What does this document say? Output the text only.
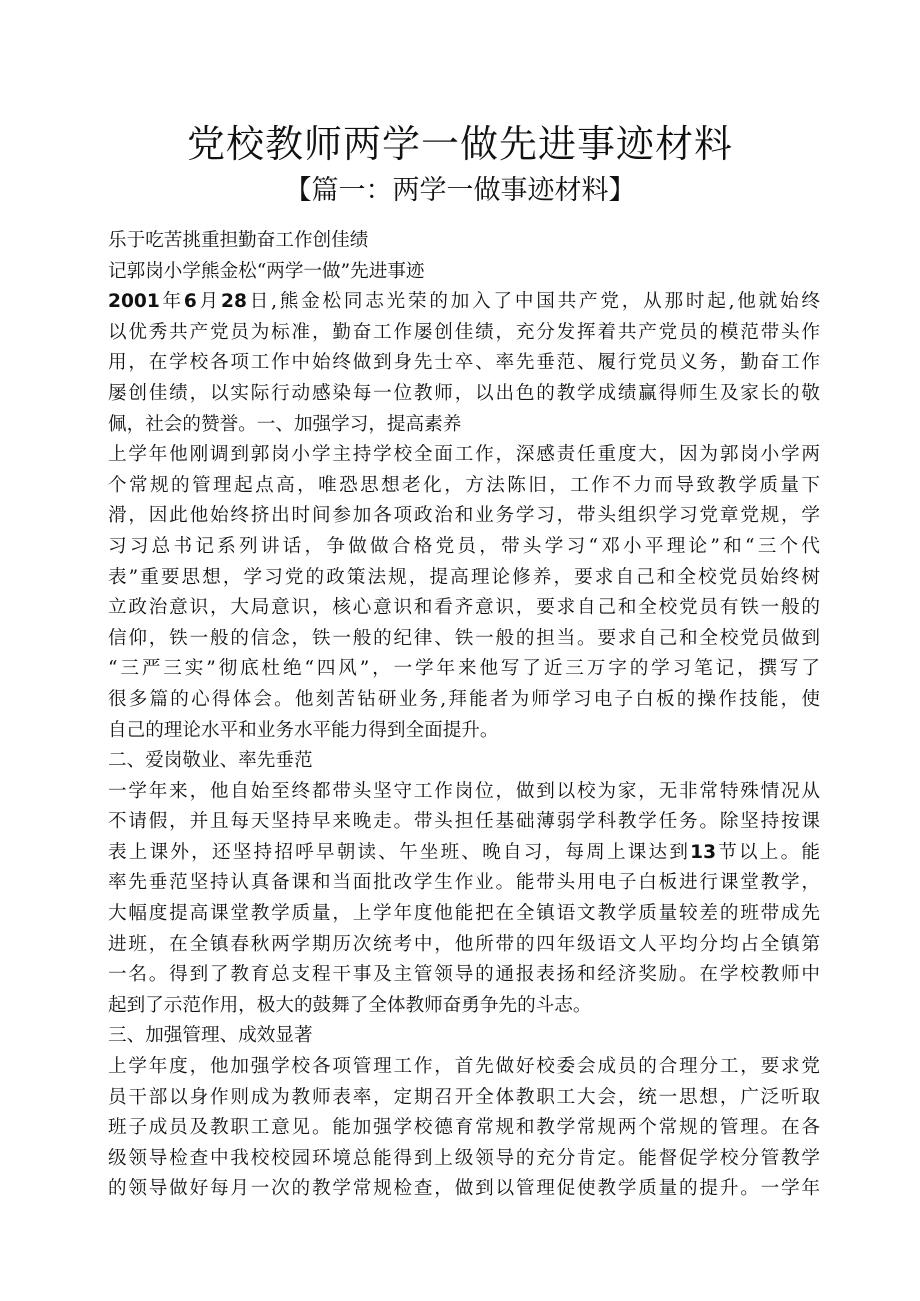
党校教师两学一做先进事迹材料
【篇一：两学一做事迹材料】
乐于吃苦挑重担勤奋工作创佳绩
记郭岗小学熊金松“两学一做”先进事迹
2001年6月28日,熊金松同志光荣的加入了中国共产党，从那时起,他就始终
以优秀共产党员为标准，勤奋工作屡创佳绩，充分发挥着共产党员的模范带头作
用，在学校各项工作中始终做到身先士卒、率先垂范、履行党员义务，勤奋工作
屡创佳绩，以实际行动感染每一位教师，以出色的教学成绩赢得师生及家长的敬
佩，社会的赞誉。一、加强学习，提高素养
上学年他刚调到郭岗小学主持学校全面工作，深感责任重度大，因为郭岗小学两
个常规的管理起点高，唯恐思想老化，方法陈旧，工作不力而导致教学质量下
滑，因此他始终挤出时间参加各项政治和业务学习，带头组织学习党章党规，学
习习总书记系列讲话，争做做合格党员，带头学习“邓小平理论”和“三个代
表”重要思想，学习党的政策法规，提高理论修养，要求自己和全校党员始终树
立政治意识，大局意识，核心意识和看齐意识，要求自己和全校党员有铁一般的
信仰，铁一般的信念，铁一般的纪律、铁一般的担当。要求自己和全校党员做到
“三严三实”彻底杜绝“四风”，一学年来他写了近三万字的学习笔记，撰写了
很多篇的心得体会。他刻苦钻研业务,拜能者为师学习电子白板的操作技能，使
自己的理论水平和业务水平能力得到全面提升。
二、爱岗敬业、率先垂范
一学年来，他自始至终都带头坚守工作岗位，做到以校为家，无非常特殊情况从
不请假，并且每天坚持早来晚走。带头担任基础薄弱学科教学任务。除坚持按课
表上课外，还坚持招呼早朝读、午坐班、晚自习，每周上课达到13节以上。能
率先垂范坚持认真备课和当面批改学生作业。能带头用电子白板进行课堂教学，
大幅度提高课堂教学质量，上学年度他能把在全镇语文教学质量较差的班带成先
进班，在全镇春秋两学期历次统考中，他所带的四年级语文人平均分均占全镇第
一名。得到了教育总支程干事及主管领导的通报表扬和经济奖励。在学校教师中
起到了示范作用，极大的鼓舞了全体教师奋勇争先的斗志。
三、加强管理、成效显著
上学年度，他加强学校各项管理工作，首先做好校委会成员的合理分工，要求党
员干部以身作则成为教师表率，定期召开全体教职工大会，统一思想，广泛听取
班子成员及教职工意见。能加强学校德育常规和教学常规两个常规的管理。在各
级领导检查中我校校园环境总能得到上级领导的充分肯定。能督促学校分管教学
的领导做好每月一次的教学常规检查，做到以管理促使教学质量的提升。一学年
